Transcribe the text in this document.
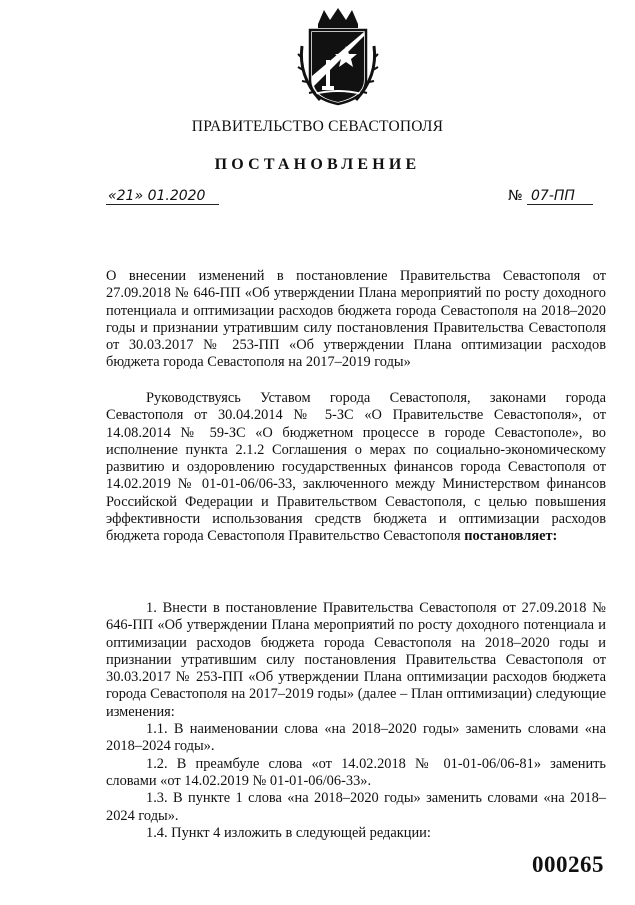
ПРАВИТЕЛЬСТВО СЕВАСТОПОЛЯ
ПОСТАНОВЛЕНИЕ
«21» 01.2020	№ 07-ПП
О внесении изменений в постановление Правительства Севастополя от 27.09.2018 № 646-ПП «Об утверждении Плана мероприятий по росту доходного потенциала и оптимизации расходов бюджета города Севастополя на 2018–2020 годы и признании утратившим силу постановления Правительства Севастополя от 30.03.2017 № 253-ПП «Об утверждении Плана оптимизации расходов бюджета города Севастополя на 2017–2019 годы»
Руководствуясь Уставом города Севастополя, законами города Севастополя от 30.04.2014 № 5-ЗС «О Правительстве Севастополя», от 14.08.2014 № 59-ЗС «О бюджетном процессе в городе Севастополе», во исполнение пункта 2.1.2 Соглашения о мерах по социально-экономическому развитию и оздоровлению государственных финансов города Севастополя от 14.02.2019 № 01-01-06/06-33, заключенного между Министерством финансов Российской Федерации и Правительством Севастополя, с целью повышения эффективности использования средств бюджета и оптимизации расходов бюджета города Севастополя Правительство Севастополя постановляет:

1. Внести в постановление Правительства Севастополя от 27.09.2018 № 646-ПП «Об утверждении Плана мероприятий по росту доходного потенциала и оптимизации расходов бюджета города Севастополя на 2018–2020 годы и признании утратившим силу постановления Правительства Севастополя от 30.03.2017 № 253-ПП «Об утверждении Плана оптимизации расходов бюджета города Севастополя на 2017–2019 годы» (далее – План оптимизации) следующие изменения:

1.1. В наименовании слова «на 2018–2020 годы» заменить словами «на 2018–2024 годы».

1.2. В преамбуле слова «от 14.02.2018 № 01-01-06/06-81» заменить словами «от 14.02.2019 № 01-01-06/06-33».

1.3. В пункте 1 слова «на 2018–2020 годы» заменить словами «на 2018–2024 годы».

1.4. Пункт 4 изложить в следующей редакции:

000265
